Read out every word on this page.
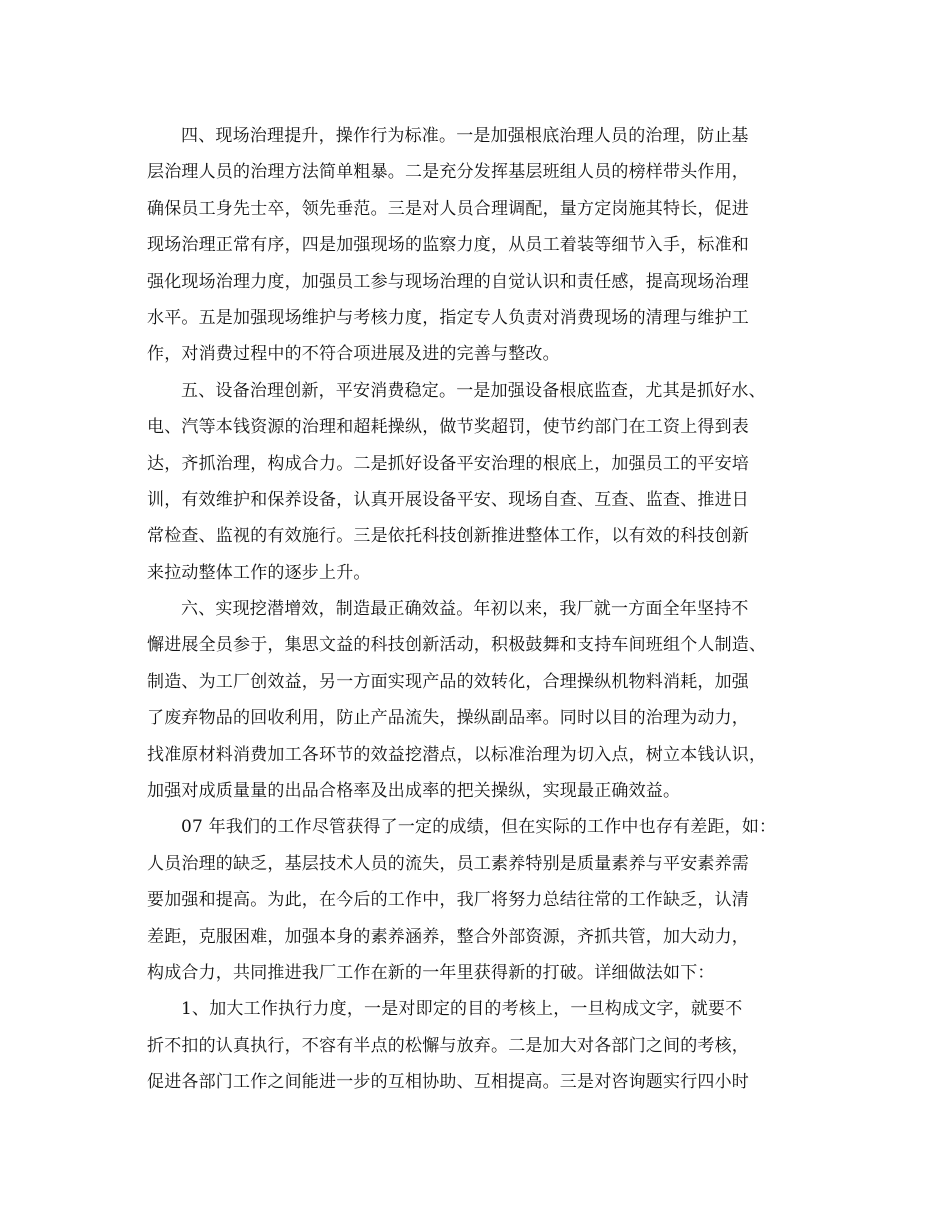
四、现场治理提升，操作行为标准。一是加强根底治理人员的治理，防止基
层治理人员的治理方法简单粗暴。二是充分发挥基层班组人员的榜样带头作用，
确保员工身先士卒，领先垂范。三是对人员合理调配，量方定岗施其特长，促进
现场治理正常有序，四是加强现场的监察力度，从员工着装等细节入手，标准和
强化现场治理力度，加强员工参与现场治理的自觉认识和责任感，提高现场治理
水平。五是加强现场维护与考核力度，指定专人负责对消费现场的清理与维护工
作，对消费过程中的不符合项进展及进的完善与整改。
五、设备治理创新，平安消费稳定。一是加强设备根底监查，尤其是抓好水、
电、汽等本钱资源的治理和超耗操纵，做节奖超罚，使节约部门在工资上得到表
达，齐抓治理，构成合力。二是抓好设备平安治理的根底上，加强员工的平安培
训，有效维护和保养设备，认真开展设备平安、现场自查、互查、监查、推进日
常检查、监视的有效施行。三是依托科技创新推进整体工作，以有效的科技创新
来拉动整体工作的逐步上升。
六、实现挖潜增效，制造最正确效益。年初以来，我厂就一方面全年坚持不
懈进展全员参于，集思文益的科技创新活动，积极鼓舞和支持车间班组个人制造、
制造、为工厂创效益，另一方面实现产品的效转化，合理操纵机物料消耗，加强
了废弃物品的回收利用，防止产品流失，操纵副品率。同时以目的治理为动力，
找准原材料消费加工各环节的效益挖潜点，以标准治理为切入点，树立本钱认识，
加强对成质量量的出品合格率及出成率的把关操纵，实现最正确效益。
07 年我们的工作尽管获得了一定的成绩，但在实际的工作中也存有差距，如：
人员治理的缺乏，基层技术人员的流失，员工素养特别是质量素养与平安素养需
要加强和提高。为此，在今后的工作中，我厂将努力总结往常的工作缺乏，认清
差距，克服困难，加强本身的素养涵养，整合外部资源，齐抓共管，加大动力，
构成合力，共同推进我厂工作在新的一年里获得新的打破。详细做法如下：
1、加大工作执行力度，一是对即定的目的考核上，一旦构成文字，就要不
折不扣的认真执行，不容有半点的松懈与放弃。二是加大对各部门之间的考核，
促进各部门工作之间能进一步的互相协助、互相提高。三是对咨询题实行四小时
